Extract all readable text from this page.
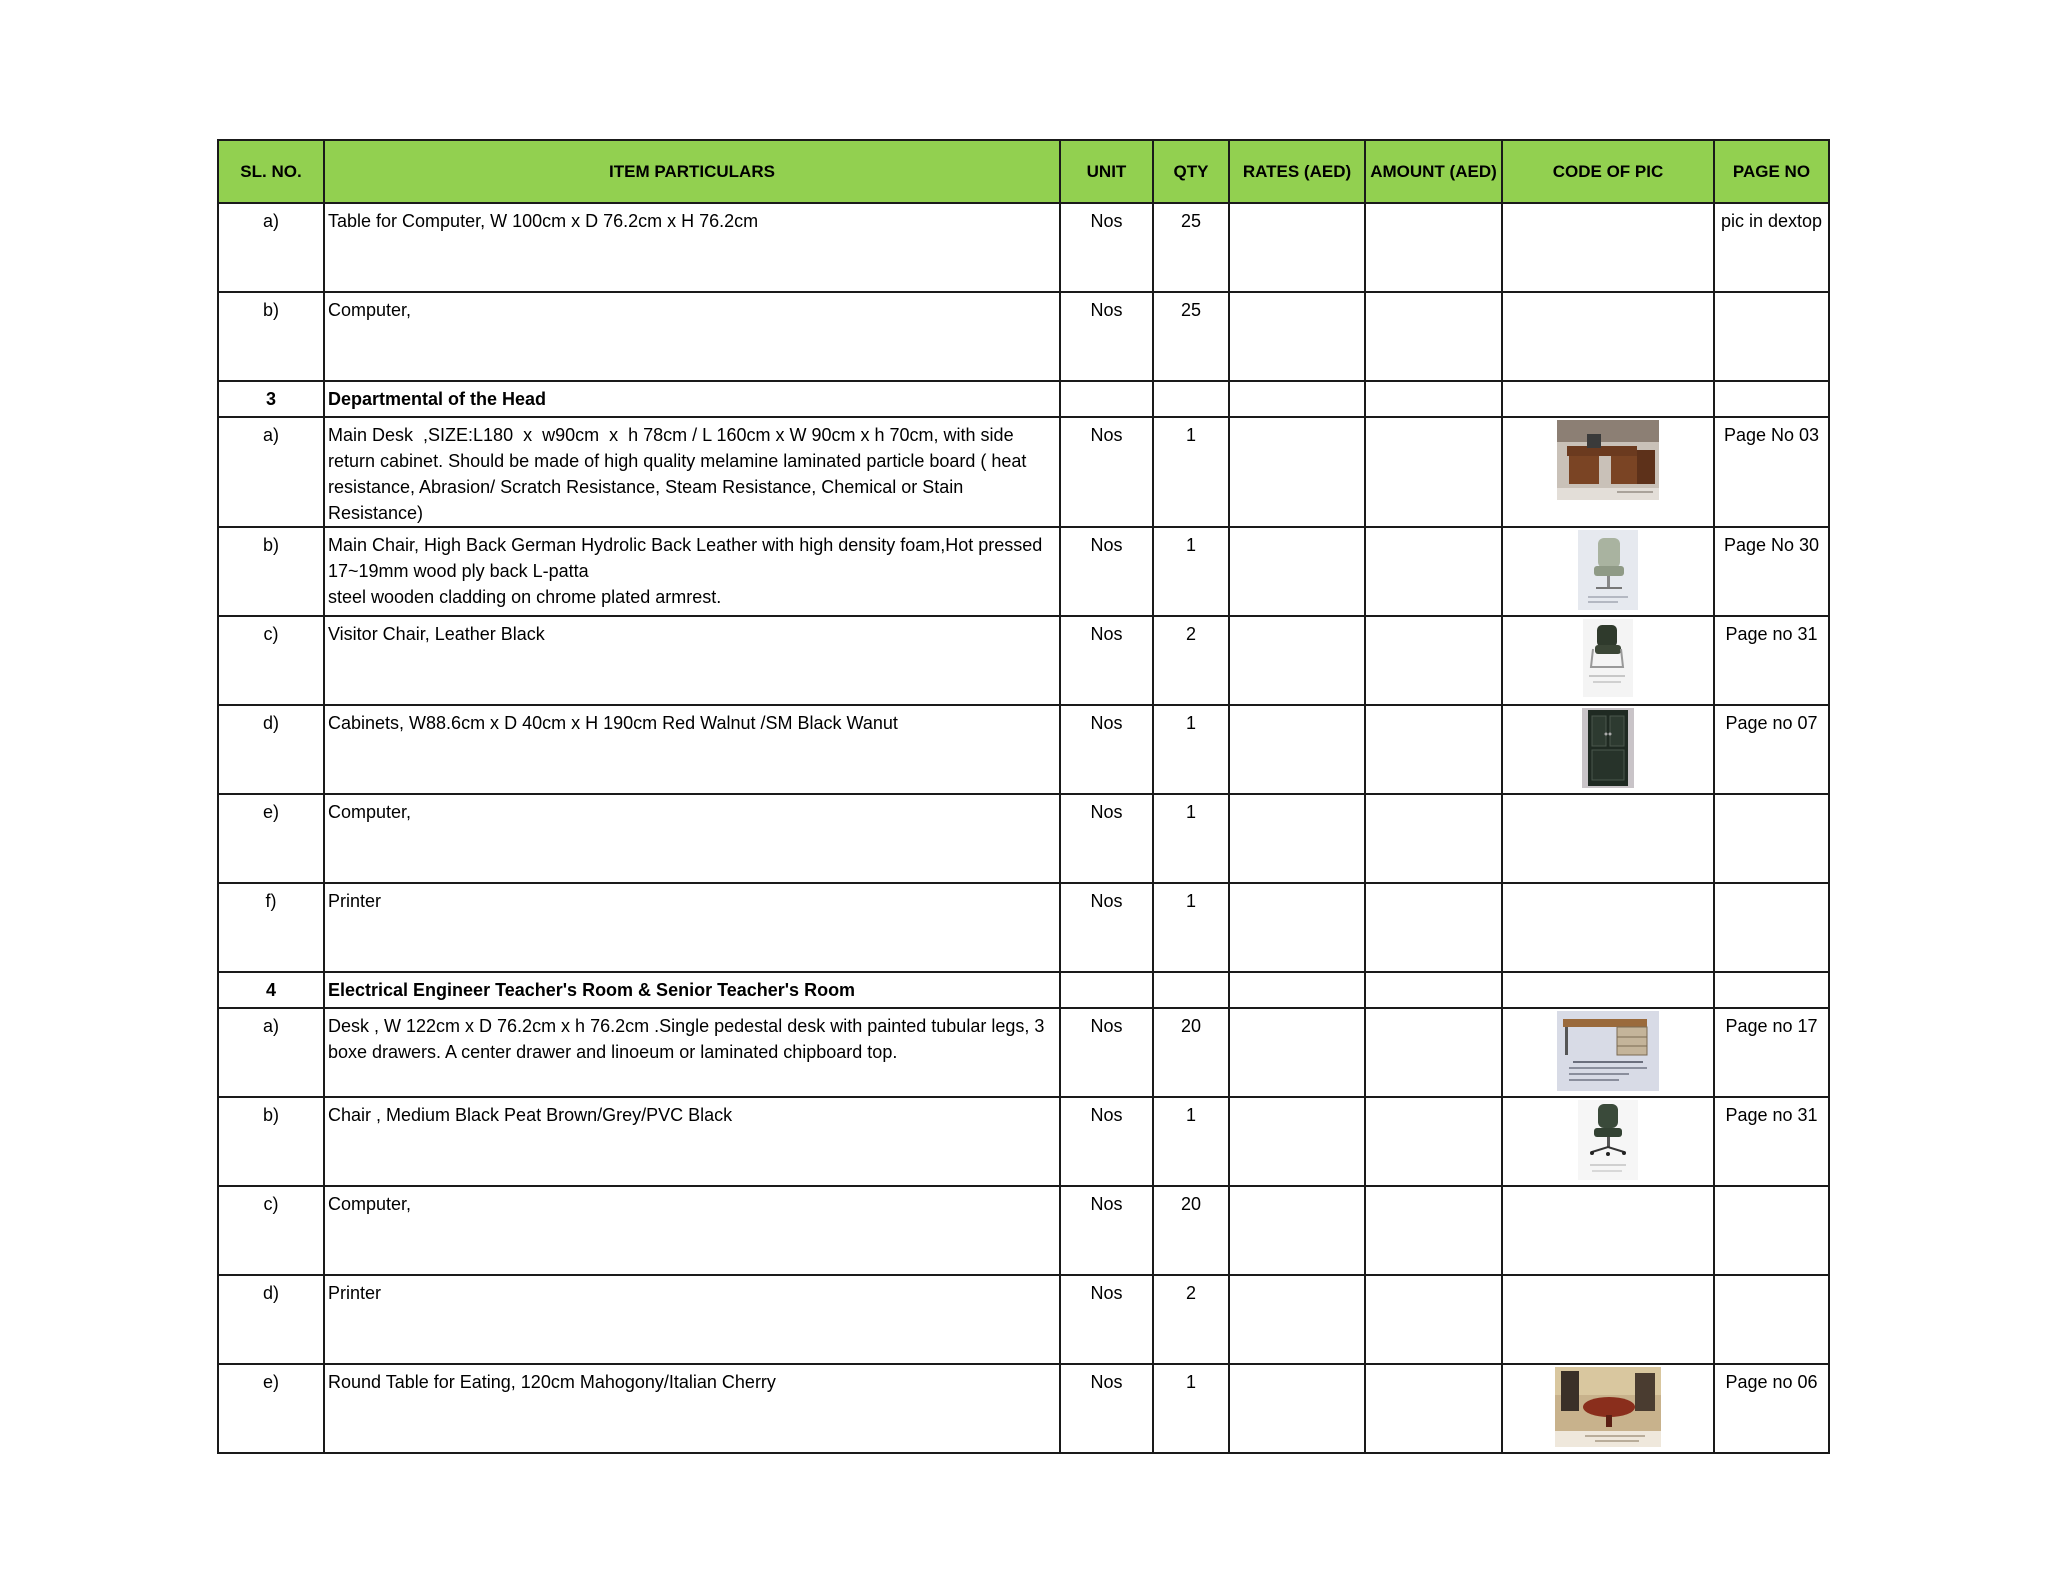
SL. NO.	ITEM PARTICULARS	UNIT	QTY	RATES (AED)	AMOUNT (AED)	CODE OF PIC	PAGE NO
a)	Table for Computer, W 100cm x D 76.2cm x H 76.2cm	Nos	25				pic in dextop
b)	Computer,	Nos	25				
3	Departmental of the Head						
a)	Main Desk  ,SIZE:L180  x  w90cm  x  h 78cm / L 160cm x W 90cm x h 70cm, with side return cabinet. Should be made of high quality melamine laminated particle board ( heat resistance, Abrasion/ Scratch Resistance, Steam Resistance, Chemical or Stain Resistance)	Nos	1				Page No 03
b)	Main Chair, High Back German Hydrolic Back Leather with high density foam,Hot pressed 17~19mm wood ply back L-patta
steel wooden cladding on chrome plated armrest.	Nos	1				Page No 30
c)	Visitor Chair, Leather Black	Nos	2				Page no 31
d)	Cabinets, W88.6cm x D 40cm x H 190cm Red Walnut /SM Black Wanut	Nos	1				Page no 07
e)	Computer,	Nos	1				
f)	Printer	Nos	1				
4	Electrical Engineer Teacher's Room & Senior Teacher's Room						
a)	Desk , W 122cm x D 76.2cm x h 76.2cm .Single pedestal desk with painted tubular legs, 3 boxe drawers. A center drawer and linoeum or laminated chipboard top.	Nos	20				Page no 17
b)	Chair , Medium Black Peat Brown/Grey/PVC Black	Nos	1				Page no 31
c)	Computer,	Nos	20				
d)	Printer	Nos	2				
e)	Round Table for Eating, 120cm Mahogony/Italian Cherry	Nos	1				Page no 06
